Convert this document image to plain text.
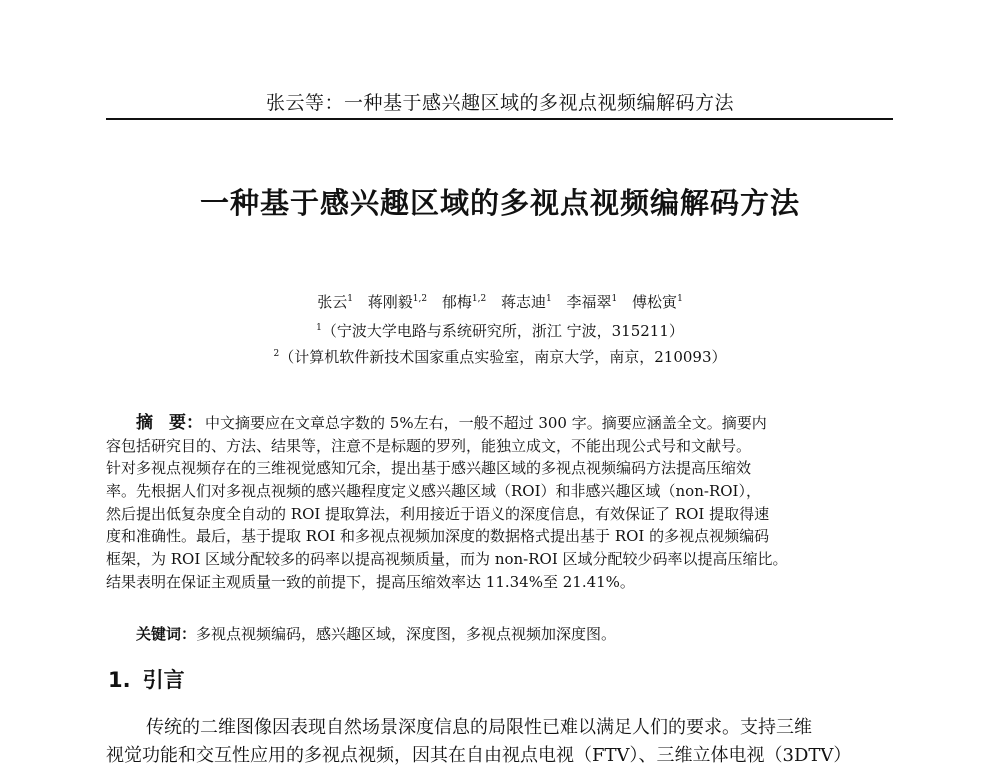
张云等：一种基于感兴趣区域的多视点视频编解码方法
一种基于感兴趣区域的多视点视频编解码方法
张云$^1$ 蒋刚毅$^{1,2}$ 郁梅$^{1,2}$ 蒋志迪$^1$ 李福翠$^1$ 傅松寅$^1$
$^1$（宁波大学电路与系统研究所，浙江 宁波，315211）
$^2$（计算机软件新技术国家重点实验室，南京大学，南京，210093）
摘 要： 中文摘要应在文章总字数的 5%左右，一般不超过 300 字。摘要应涵盖全文。摘要内
容包括研究目的、方法、结果等，注意不是标题的罗列，能独立成文，不能出现公式号和文献号。
针对多视点视频存在的三维视觉感知冗余，提出基于感兴趣区域的多视点视频编码方法提高压缩效
率。先根据人们对多视点视频的感兴趣程度定义感兴趣区域（ROI）和非感兴趣区域（non-ROI），
然后提出低复杂度全自动的 ROI 提取算法，利用接近于语义的深度信息，有效保证了 ROI 提取得速
度和准确性。最后，基于提取 ROI 和多视点视频加深度的数据格式提出基于 ROI 的多视点视频编码
框架，为 ROI 区域分配较多的码率以提高视频质量，而为 non-ROI 区域分配较少码率以提高压缩比。
结果表明在保证主观质量一致的前提下，提高压缩效率达 11.34%至 21.41%。
关键词：多视点视频编码，感兴趣区域，深度图，多视点视频加深度图。
1. 引言
传统的二维图像因表现自然场景深度信息的局限性已难以满足人们的要求。支持三维
视觉功能和交互性应用的多视点视频，因其在自由视点电视（FTV）、三维立体电视（3DTV）
